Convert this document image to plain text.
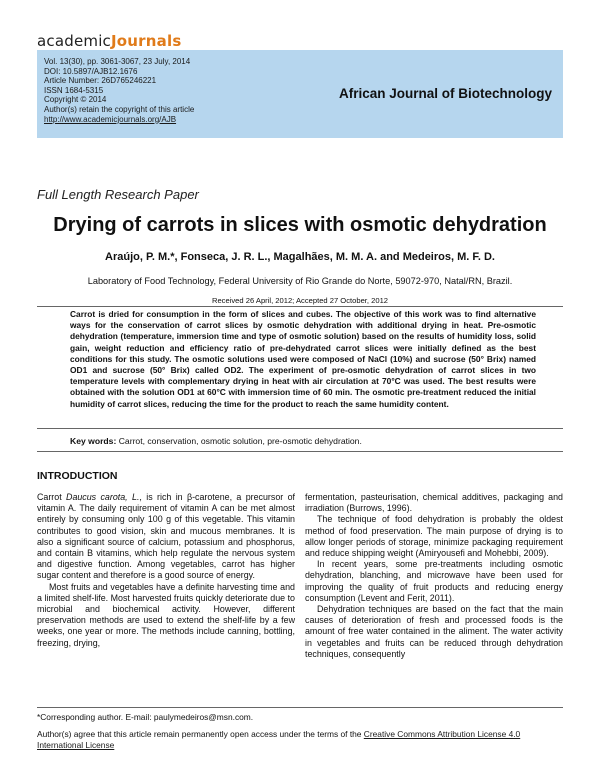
academicJournals
Vol. 13(30), pp. 3061-3067, 23 July, 2014
DOI: 10.5897/AJB12.1676
Article Number: 26D765246221
ISSN 1684-5315
Copyright © 2014
Author(s) retain the copyright of this article
http://www.academicjournals.org/AJB
African Journal of Biotechnology
Full Length Research Paper
Drying of carrots in slices with osmotic dehydration
Araújo, P. M.*, Fonseca, J. R. L., Magalhães, M. M. A. and Medeiros, M. F. D.
Laboratory of Food Technology, Federal University of Rio Grande do Norte, 59072-970, Natal/RN, Brazil.
Received 26 April, 2012; Accepted 27 October, 2012
Carrot is dried for consumption in the form of slices and cubes. The objective of this work was to find alternative ways for the conservation of carrot slices by osmotic dehydration with additional drying in heat. Pre-osmotic dehydration (temperature, immersion time and type of osmotic solution) based on the results of humidity loss, solid gain, weight reduction and efficiency ratio of pre-dehydrated carrot slices were initially defined as the best conditions for this study. The osmotic solutions used were composed of NaCl (10%) and sucrose (50° Brix) named OD1 and sucrose (50° Brix) called OD2. The experiment of pre-osmotic dehydration of carrot slices in two temperature levels with complementary drying in heat with air circulation at 70°C was used. The best results were obtained with the solution OD1 at 60°C with immersion time of 60 min. The osmotic pre-treatment reduced the initial humidity of carrot slices, reducing the time for the product to reach the same humidity content.
Key words: Carrot, conservation, osmotic solution, pre-osmotic dehydration.
INTRODUCTION

Carrot Daucus carota, L., is rich in β-carotene, a precursor of vitamin A. The daily requirement of vitamin A can be met almost entirely by consuming only 100 g of this vegetable. This vitamin contributes to good vision, skin and mucous membranes. It is also a significant source of calcium, potassium and phosphorus, and contain B vitamins, which help regulate the nervous system and digestive function. Among vegetables, carrot has higher sugar content and therefore is a good source of energy.

Most fruits and vegetables have a definite harvesting time and a limited shelf-life. Most harvested fruits quickly deteriorate due to microbial and biochemical activity. However, different preservation methods are used to extend the shelf-life by a few weeks, one year or more. The methods include canning, bottling, freezing, drying,

fermentation, pasteurisation, chemical additives, packaging and irradiation (Burrows, 1996).

The technique of food dehydration is probably the oldest method of food preservation. The main purpose of drying is to allow longer periods of storage, minimize packaging requirement and reduce shipping weight (Amiryousefi and Mohebbi, 2009).

In recent years, some pre-treatments including osmotic dehydration, blanching, and microwave have been used for improving the quality of fruit products and reducing energy consumption (Levent and Ferit, 2011).

Dehydration techniques are based on the fact that the main causes of deterioration of fresh and processed foods is the amount of free water contained in the aliment. The water activity in vegetables and fruits can be reduced through dehydration techniques, consequently

*Corresponding author. E-mail: paulymedeiros@msn.com.
Author(s) agree that this article remain permanently open access under the terms of the Creative Commons Attribution License 4.0 International License
